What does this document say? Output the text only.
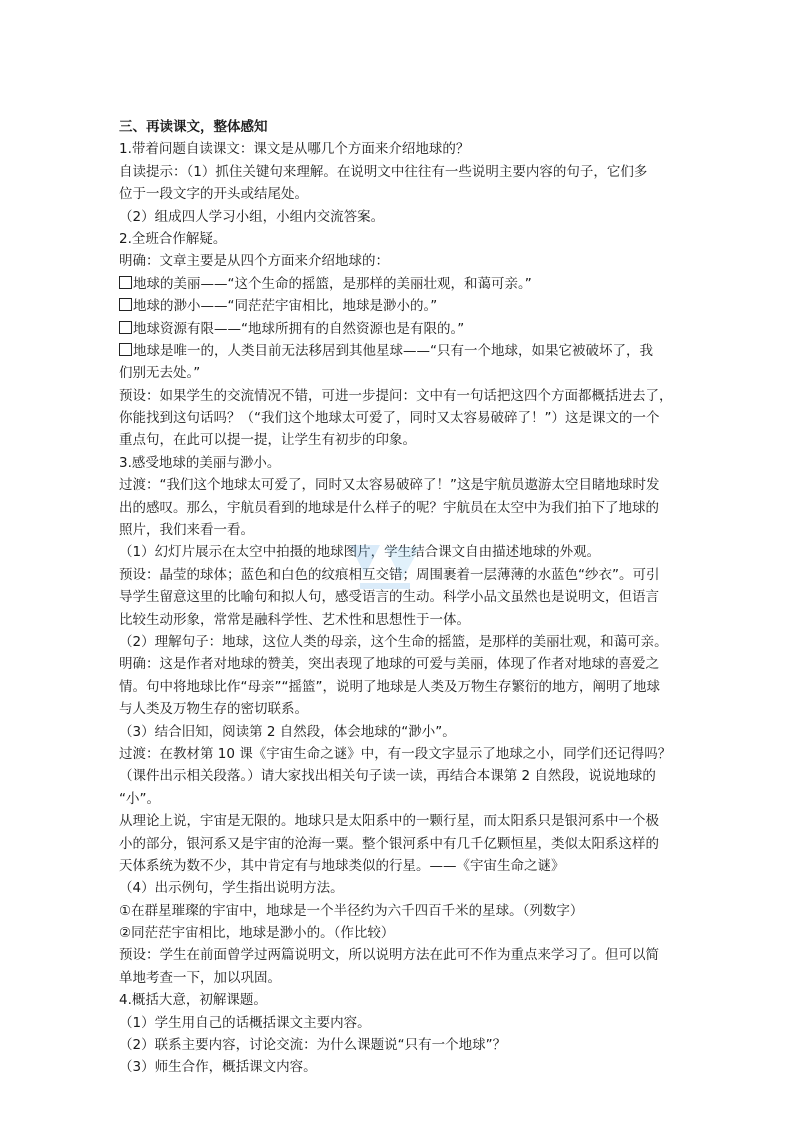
三、再读课文，整体感知
1.带着问题自读课文：课文是从哪几个方面来介绍地球的？
自读提示：（1）抓住关键句来理解。在说明文中往往有一些说明主要内容的句子，它们多
位于一段文字的开头或结尾处。
（2）组成四人学习小组，小组内交流答案。
2.全班合作解疑。
明确：文章主要是从四个方面来介绍地球的：
地球的美丽——“这个生命的摇篮，是那样的美丽壮观，和蔼可亲。”
地球的渺小——“同茫茫宇宙相比，地球是渺小的。”
地球资源有限——“地球所拥有的自然资源也是有限的。”
地球是唯一的，人类目前无法移居到其他星球——“只有一个地球，如果它被破坏了，我
们别无去处。”
预设：如果学生的交流情况不错，可进一步提问：文中有一句话把这四个方面都概括进去了，
你能找到这句话吗？（“我们这个地球太可爱了，同时又太容易破碎了！”）这是课文的一个
重点句，在此可以提一提，让学生有初步的印象。
3.感受地球的美丽与渺小。
过渡：“我们这个地球太可爱了，同时又太容易破碎了！”这是宇航员遨游太空目睹地球时发
出的感叹。那么，宇航员看到的地球是什么样子的呢？宇航员在太空中为我们拍下了地球的
照片，我们来看一看。
（1）幻灯片展示在太空中拍摄的地球图片，学生结合课文自由描述地球的外观。
预设：晶莹的球体；蓝色和白色的纹痕相互交错；周围裹着一层薄薄的水蓝色“纱衣”。可引
导学生留意这里的比喻句和拟人句，感受语言的生动。科学小品文虽然也是说明文，但语言
比较生动形象，常常是融科学性、艺术性和思想性于一体。
（2）理解句子：地球，这位人类的母亲，这个生命的摇篮，是那样的美丽壮观，和蔼可亲。
明确：这是作者对地球的赞美，突出表现了地球的可爱与美丽，体现了作者对地球的喜爱之
情。句中将地球比作“母亲”“摇篮”，说明了地球是人类及万物生存繁衍的地方，阐明了地球
与人类及万物生存的密切联系。
（3）结合旧知，阅读第 2 自然段，体会地球的“渺小”。
过渡：在教材第 10 课《宇宙生命之谜》中，有一段文字显示了地球之小，同学们还记得吗？
（课件出示相关段落。）请大家找出相关句子读一读，再结合本课第 2 自然段，说说地球的
“小”。
从理论上说，宇宙是无限的。地球只是太阳系中的一颗行星，而太阳系只是银河系中一个极
小的部分，银河系又是宇宙的沧海一粟。整个银河系中有几千亿颗恒星，类似太阳系这样的
天体系统为数不少，其中肯定有与地球类似的行星。——《宇宙生命之谜》
（4）出示例句，学生指出说明方法。
①在群星璀璨的宇宙中，地球是一个半径约为六千四百千米的星球。（列数字）
②同茫茫宇宙相比，地球是渺小的。（作比较）
预设：学生在前面曾学过两篇说明文，所以说明方法在此可不作为重点来学习了。但可以简
单地考查一下，加以巩固。
4.概括大意，初解课题。
（1）学生用自己的话概括课文主要内容。
（2）联系主要内容，讨论交流：为什么课题说“只有一个地球”？
（3）师生合作，概括课文内容。
